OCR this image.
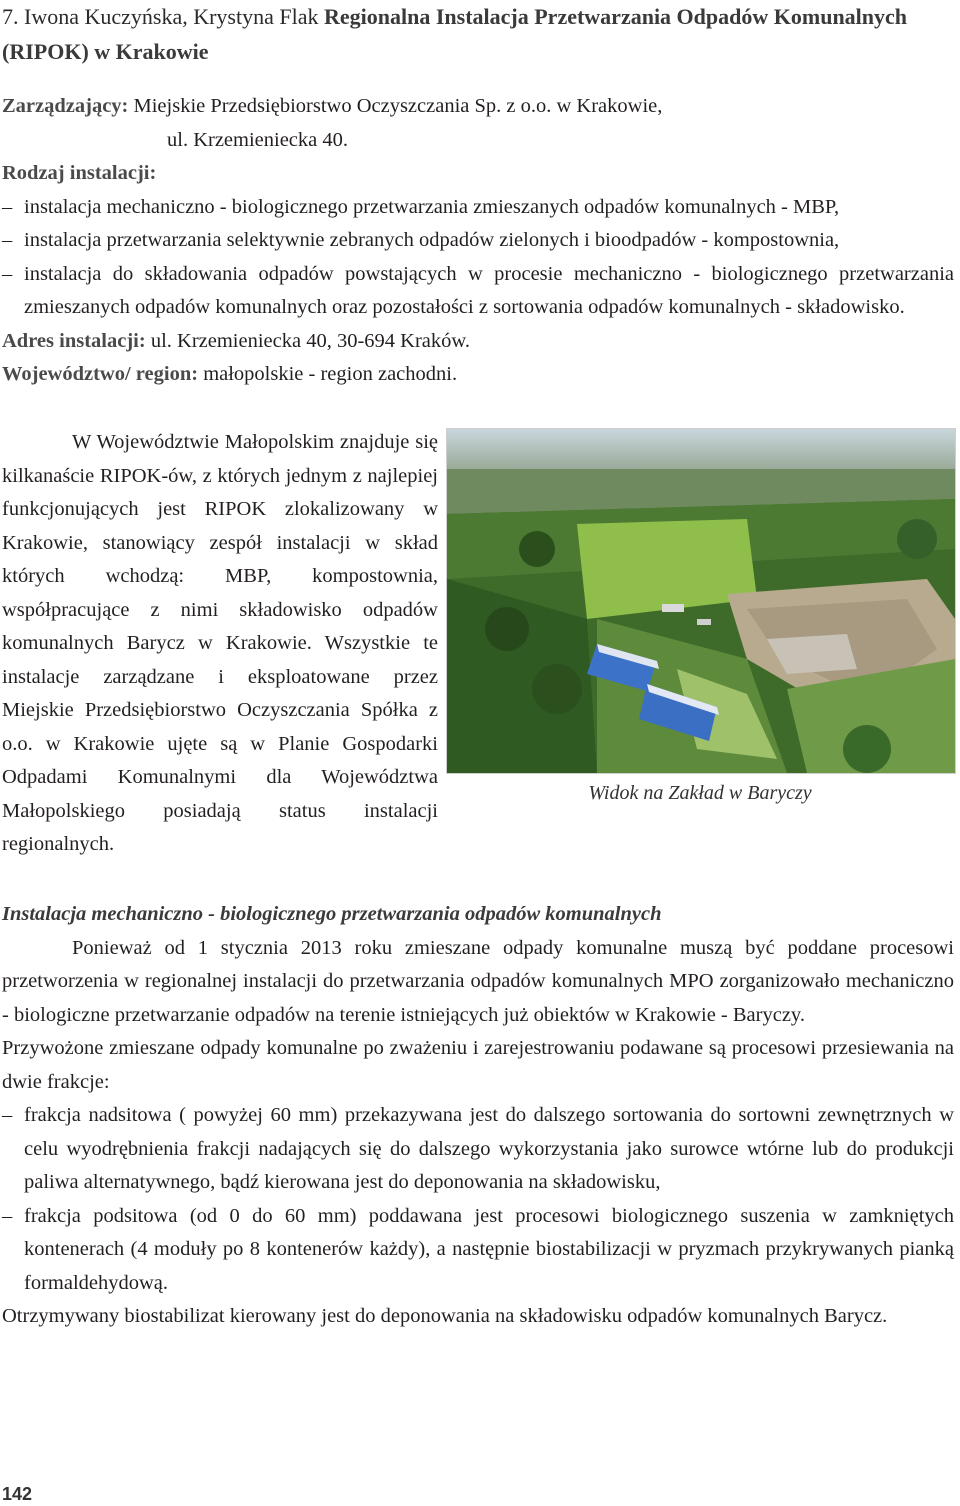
7. Iwona Kuczyńska, Krystyna Flak Regionalna Instalacja Przetwarzania Odpadów Komunalnych (RIPOK) w Krakowie
Zarządzający: Miejskie Przedsiębiorstwo Oczyszczania Sp. z o.o. w Krakowie,
ul. Krzemieniecka 40.
Rodzaj instalacji:
– instalacja mechaniczno - biologicznego przetwarzania zmieszanych odpadów komunalnych - MBP,
– instalacja przetwarzania selektywnie zebranych odpadów zielonych i bioodpadów - kompostownia,
– instalacja do składowania odpadów powstających w procesie mechaniczno - biologicznego przetwarzania zmieszanych odpadów komunalnych oraz pozostałości z sortowania odpadów komunalnych - składowisko.
Adres instalacji: ul. Krzemieniecka 40, 30-694 Kraków.
Województwo/ region: małopolskie - region zachodni.
W Województwie Małopolskim znajduje się kilkanaście RIPOK-ów, z których jednym z najlepiej funkcjonujących jest RIPOK zlokalizowany w Krakowie, stanowiący zespół instalacji w skład których wchodzą: MBP, kompostownia, współpracujące z nimi składowisko odpadów komunalnych Barycz w Krakowie. Wszystkie te instalacje zarządzane i eksploatowane przez Miejskie Przedsiębiorstwo Oczyszczania Spółka z o.o. w Krakowie ujęte są w Planie Gospodarki Odpadami Komunalnymi dla Województwa Małopolskiego posiadają status instalacji regionalnych.
Widok na Zakład w Baryczy
Instalacja mechaniczno - biologicznego przetwarzania odpadów komunalnych
Ponieważ od 1 stycznia 2013 roku zmieszane odpady komunalne muszą być poddane procesowi przetworzenia w regionalnej instalacji do przetwarzania odpadów komunalnych MPO zorganizowało mechaniczno - biologiczne przetwarzanie odpadów na terenie istniejących już obiektów w Krakowie - Baryczy.
Przywożone zmieszane odpady komunalne po zważeniu i zarejestrowaniu podawane są procesowi przesiewania na dwie frakcje:
– frakcja nadsitowa ( powyżej 60 mm) przekazywana jest do dalszego sortowania do sortowni zewnętrznych w celu wyodrębnienia frakcji nadających się do dalszego wykorzystania jako surowce wtórne lub do produkcji paliwa alternatywnego, bądź kierowana jest do deponowania na składowisku,
– frakcja podsitowa (od 0 do 60 mm) poddawana jest procesowi biologicznego suszenia w zamkniętych kontenerach (4 moduły po 8 kontenerów każdy), a następnie biostabilizacji w pryzmach przykrywanych pianką formaldehydową.
Otrzymywany biostabilizat kierowany jest do deponowania na składowisku odpadów komunalnych Barycz.
142
